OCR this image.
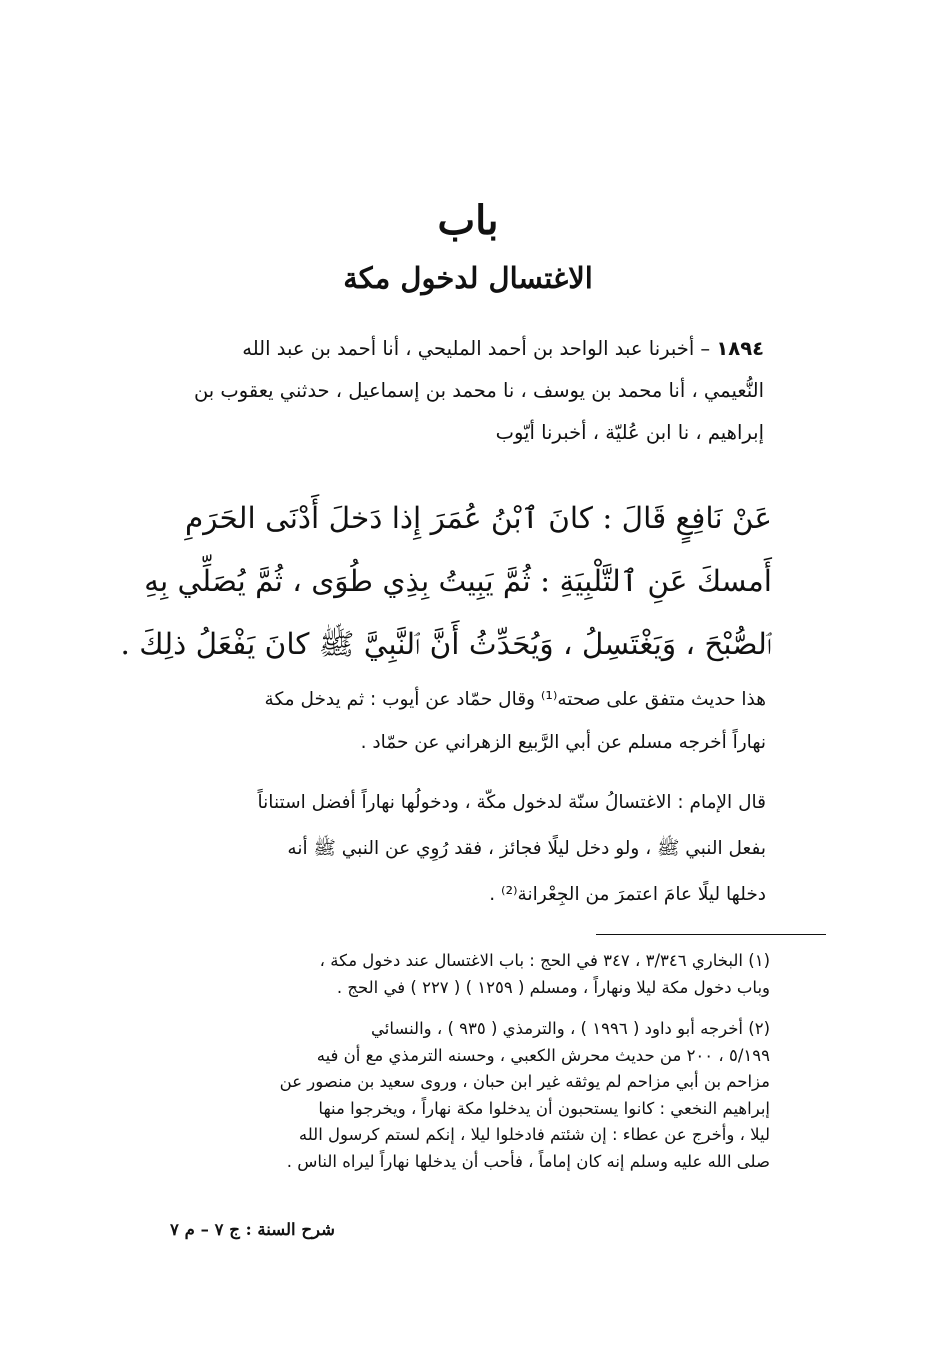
باب
الاغتسال لدخول مكة
١٨٩٤ – أخبرنا عبد الواحد بن أحمد المليحي ، أنا أحمد بن عبد الله
النُّعيمي ، أنا محمد بن يوسف ، نا محمد بن إسماعيل ، حدثني يعقوب بن
إبراهيم ، نا ابن عُليّة ، أخبرنا أيّوب
عَنْ نَافِعٍ قَالَ : كانَ ٱبْنُ عُمَرَ إِذا دَخلَ أَدْنَى الحَرَمِ
أَمسكَ عَنِ ٱلتَّلْبِيَةِ : ثُمَّ يَبِيتُ بِذِي طُوَى ، ثُمَّ يُصَلِّي بِهِ
ٱلصُّبْحَ ، وَيَغْتَسِلُ ، وَيُحَدِّثُ أَنَّ ٱلنَّبِيَّ ﷺ كانَ يَفْعَلُ ذلِكَ .
هذا حديث متفق على صحته⁽¹⁾ وقال حمّاد عن أيوب : ثم يدخل مكة
نهاراً أخرجه مسلم عن أبي الرَّبيع الزهراني عن حمّاد .
قال الإمام : الاغتسالُ سنّة لدخول مكّة ، ودخولُها نهاراً أفضل استناناً
بفعل النبي ﷺ ، ولو دخل ليلًا فجائز ، فقد رُوِي عن النبي ﷺ أنه
دخلها ليلًا عامَ اعتمرَ من الجِعْرانة⁽²⁾ .
(١) البخاري ٣/٣٤٦ ، ٣٤٧ في الحج : باب الاغتسال عند دخول مكة ،
وباب دخول مكة ليلا ونهاراً ، ومسلم ( ١٢٥٩ ) ( ٢٢٧ ) في الحج .
(٢) أخرجه أبو داود ( ١٩٩٦ ) ، والترمذي ( ٩٣٥ ) ، والنسائي
٥/١٩٩ ، ٢٠٠ من حديث محرش الكعبي ، وحسنه الترمذي مع أن فيه
مزاحم بن أبي مزاحم لم يوثقه غير ابن حبان ، وروى سعيد بن منصور عن
إبراهيم النخعي : كانوا يستحبون أن يدخلوا مكة نهاراً ، ويخرجوا منها
ليلا ، وأخرج عن عطاء : إن شئتم فادخلوا ليلا ، إنكم لستم كرسول الله
صلى الله عليه وسلم إنه كان إماماً ، فأحب أن يدخلها نهاراً ليراه الناس .
شرح السنة : ج ٧ – م ٧
